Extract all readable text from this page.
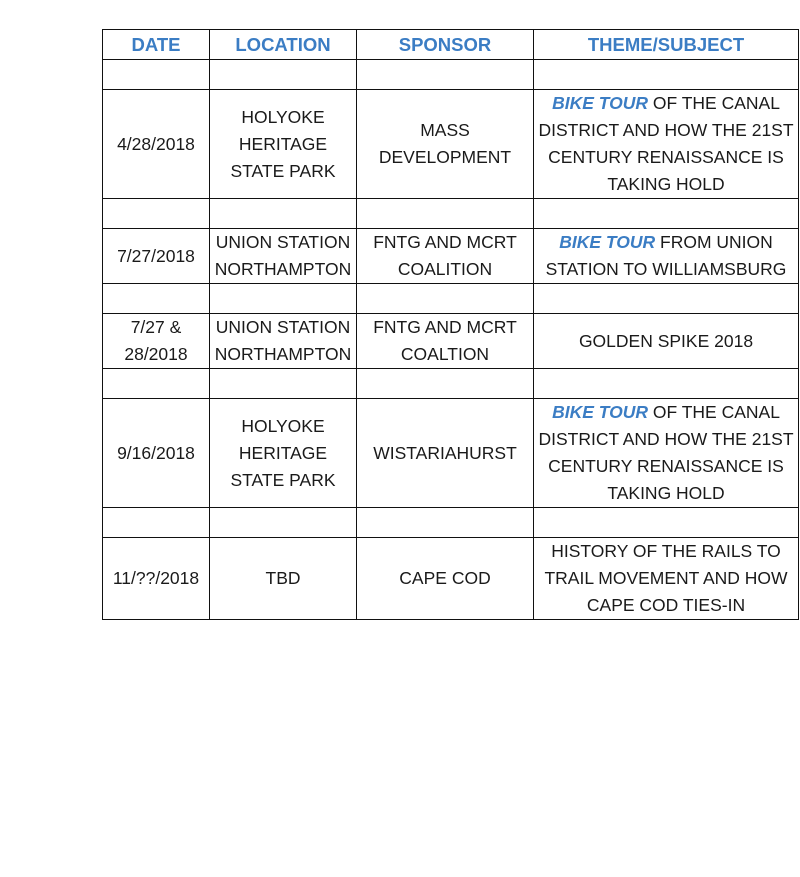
DATE	LOCATION	SPONSOR	THEME/SUBJECT

4/28/2018	HOLYOKE HERITAGE STATE PARK	MASS DEVELOPMENT	BIKE TOUR OF THE CANAL DISTRICT AND HOW THE 21ST CENTURY RENAISSANCE IS TAKING HOLD

7/27/2018	UNION STATION NORTHAMPTON	FNTG AND MCRT COALITION	BIKE TOUR FROM UNION STATION TO WILLIAMSBURG

7/27 & 28/2018	UNION STATION NORTHAMPTON	FNTG AND MCRT COALTION	GOLDEN SPIKE 2018

9/16/2018	HOLYOKE HERITAGE STATE PARK	WISTARIAHURST	BIKE TOUR OF THE CANAL DISTRICT AND HOW THE 21ST CENTURY RENAISSANCE IS TAKING HOLD

11/??/2018	TBD	CAPE COD	HISTORY OF THE RAILS TO TRAIL MOVEMENT AND HOW CAPE COD TIES-IN
